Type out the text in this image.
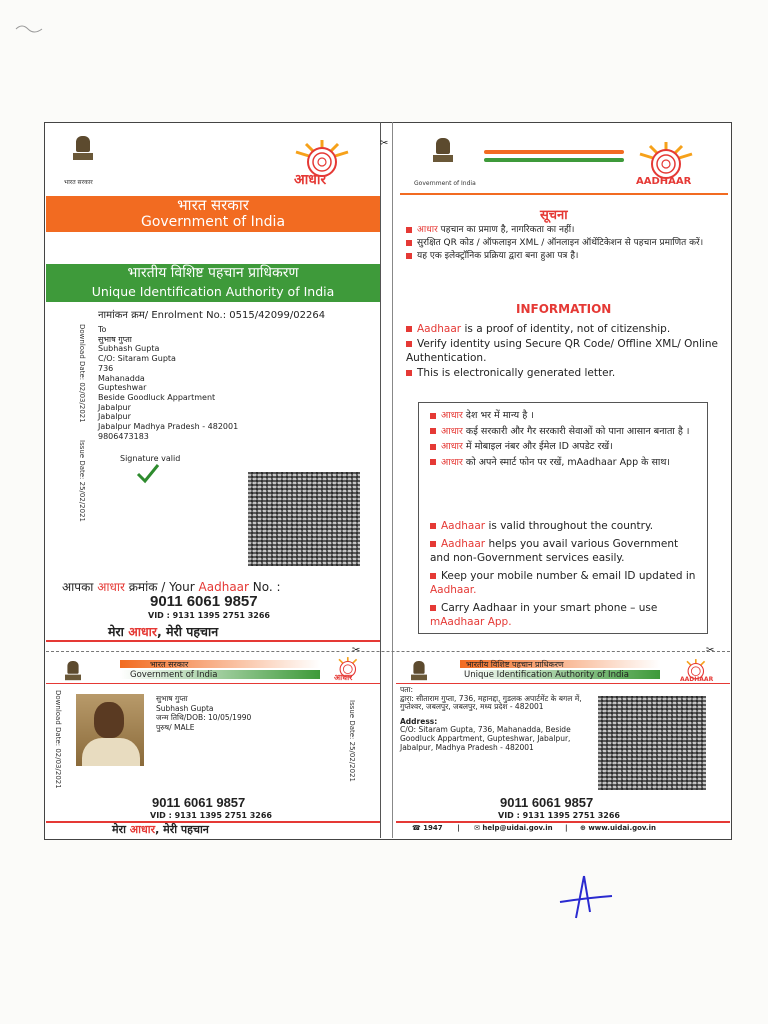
भारत सरकार	आधार
भारत सरकार
Government of India
भारतीय विशिष्ट पहचान प्राधिकरण
Unique Identification Authority of India
नामांकन क्रम/ Enrolment No.: 0515/42099/02264
Download Date: 02/03/2021
Issue Date: 25/02/2021
To
सुभाष गुप्ता
Subhash Gupta
C/O: Sitaram Gupta
736
Mahanadda
Gupteshwar
Beside Goodluck Appartment
Jabalpur
Jabalpur
Jabalpur Madhya Pradesh - 482001
9806473183
Signature valid
आपका आधार क्रमांक / Your Aadhaar No. :
9011 6061 9857
VID : 9131 1395 2751 3266
मेरा आधार, मेरी पहचान
✂	✂
✂
Government of India	AADHAAR
सूचना
आधार पहचान का प्रमाण है, नागरिकता का नहीं।
सुरक्षित QR कोड / ऑफलाइन XML / ऑनलाइन ऑथेंटिकेशन से पहचान प्रमाणित करें।
यह एक इलेक्ट्रॉनिक प्रक्रिया द्वारा बना हुआ पत्र है।
INFORMATION
Aadhaar is a proof of identity, not of citizenship.
Verify identity using Secure QR Code/ Offline XML/ Online Authentication.
This is electronically generated letter.
आधार देश भर में मान्य है ।
आधार कई सरकारी और गैर सरकारी सेवाओं को पाना आसान बनाता है ।
आधार में मोबाइल नंबर और ईमेल ID अपडेट रखें।
आधार को अपने स्मार्ट फोन पर रखें, mAadhaar App के साथ।
Aadhaar is valid throughout the country.
Aadhaar helps you avail various Government and non-Government services easily.
Keep your mobile number & email ID updated in Aadhaar.
Carry Aadhaar in your smart phone – use mAadhaar App.
भारत सरकार
Government of India	आधार
Download Date: 02/03/2021	Issue Date: 25/02/2021
सुभाष गुप्ता
Subhash Gupta
जन्म तिथि/DOB: 10/05/1990
पुरुष/ MALE
9011 6061 9857
VID : 9131 1395 2751 3266
मेरा आधार, मेरी पहचान
भारतीय विशिष्ट पहचान प्राधिकरण
Unique Identification Authority of India	AADHAAR
पता:
द्वारा: सीताराम गुप्ता, 736, महानद्दा, गुडलक अपार्टमेंट के बगल में, गुप्तेश्वर, जबलपुर, जबलपुर, मध्य प्रदेश - 482001
Address:
C/O: Sitaram Gupta, 736, Mahanadda, Beside Goodluck Appartment, Gupteshwar, Jabalpur, Jabalpur, Madhya Pradesh - 482001
9011 6061 9857
VID : 9131 1395 2751 3266
☎ 1947 | ✉ help@uidai.gov.in | ⊕ www.uidai.gov.in
